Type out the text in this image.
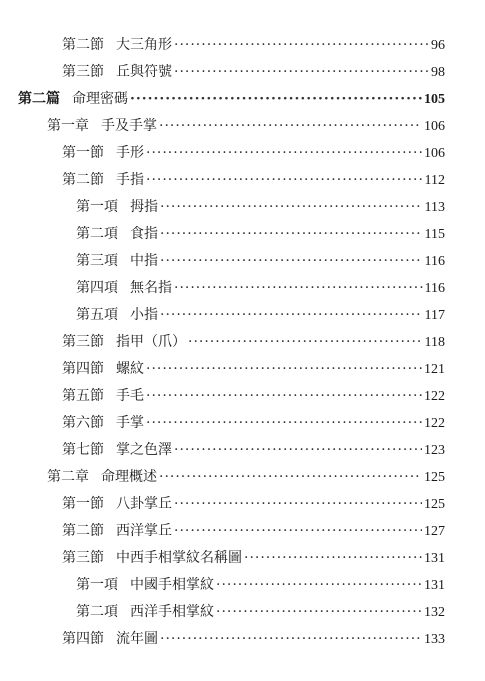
第二節 大三角形 ·····	96
第三節 丘與符號 ·····	98
第二篇 命理密碼 ·····	105
第一章 手及手掌 ·····	106
第一節 手形 ·····	106
第二節 手指 ·····	112
第一項 拇指 ·····	113
第二項 食指 ·····	115
第三項 中指 ·····	116
第四項 無名指 ·····	116
第五項 小指 ·····	117
第三節 指甲（爪） ·····	118
第四節 螺紋 ·····	121
第五節 手毛 ·····	122
第六節 手掌 ·····	122
第七節 掌之色澤 ·····	123
第二章 命理概述 ·····	125
第一節 八卦掌丘 ·····	125
第二節 西洋掌丘 ·····	127
第三節 中西手相掌紋名稱圖 ·····	131
第一項 中國手相掌紋 ·····	131
第二項 西洋手相掌紋 ·····	132
第四節 流年圖 ·····	133
